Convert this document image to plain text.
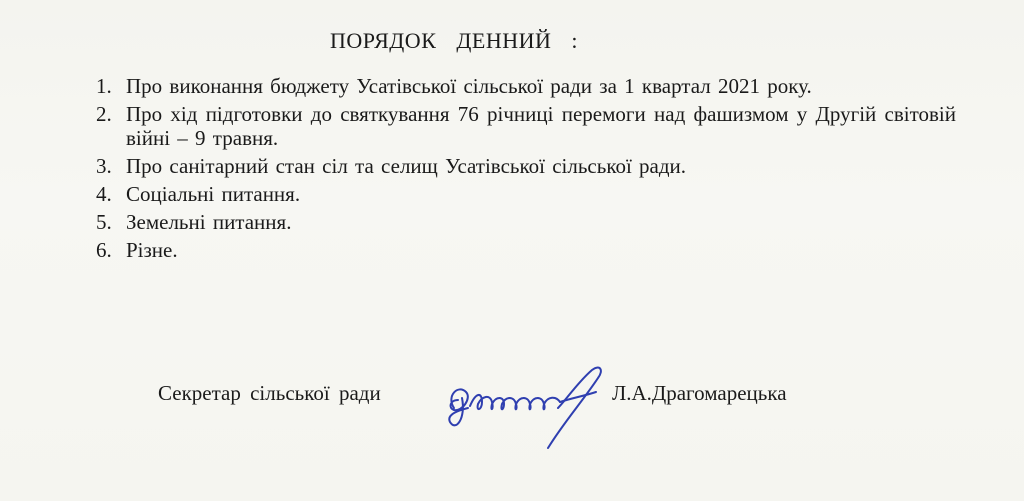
ПОРЯДОК ДЕННИЙ :
1. Про виконання бюджету Усатівської сільської ради за 1 квартал 2021 року.
2. Про хід підготовки до святкування 76 річниці перемоги над фашизмом у Другій світовій війні – 9 травня.
3. Про санітарний стан сіл та селищ Усатівської сільської ради.
4. Соціальні питання.
5. Земельні питання.
6. Різне.
Секретар сільської ради	Л.А.Драгомарецька
